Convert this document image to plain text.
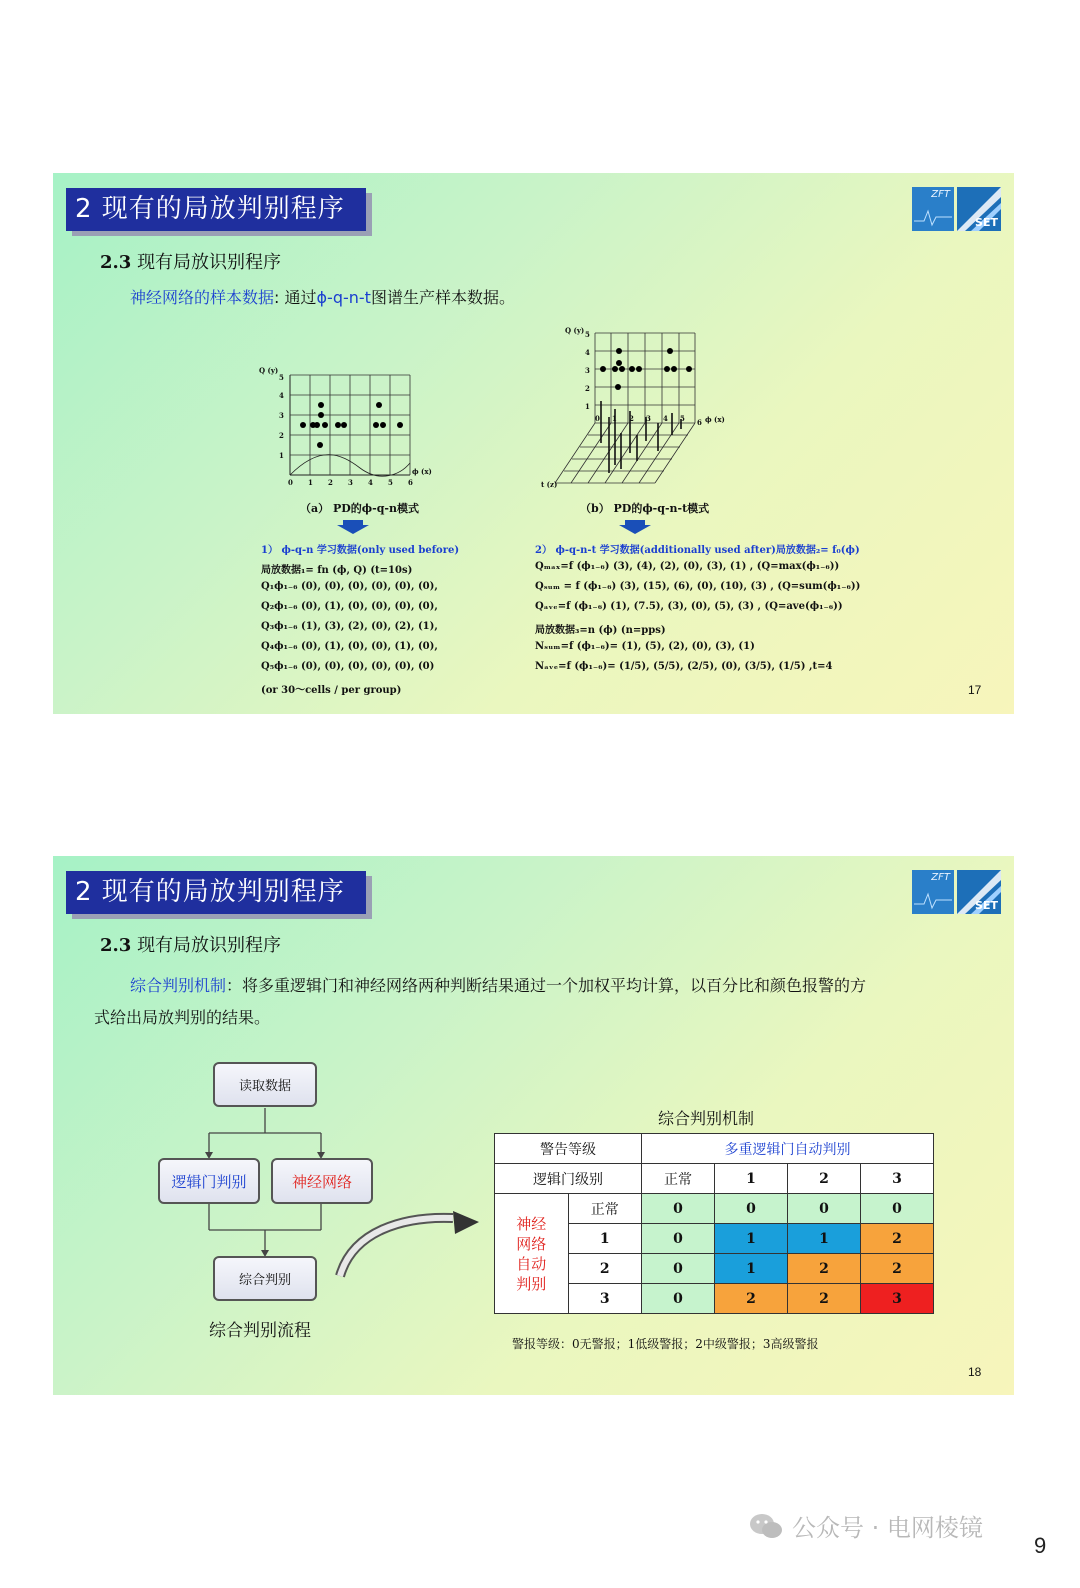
2 现有的局放判别程序	ZFT
SET
2.3 现有局放识别程序
神经网络的样本数据: 通过ϕ-q-n-t图谱生产样本数据。
Q (y)
ϕ (x)
1
2
3
4
5
0 1 2 3 4 5 6
（a） PD的ϕ-q-n模式
Q (y)
ϕ (x)
t (z)
1
2
3
4
5
0 1 2 3 4 5 6
（b） PD的ϕ-q-n-t模式
1） ϕ-q-n 学习数据(only used before)
局放数据₁= fn (ϕ, Q) (t=10s)
Q₁ϕ₁₋₆ (0), (0), (0), (0), (0), (0),
Q₂ϕ₁₋₆ (0), (1), (0), (0), (0), (0),
Q₃ϕ₁₋₆ (1), (3), (2), (0), (2), (1),
Q₄ϕ₁₋₆ (0), (1), (0), (0), (1), (0),
Q₅ϕ₁₋₆ (0), (0), (0), (0), (0), (0)
(or 30～cells / per group)
2） ϕ-q-n-t 学习数据(additionally used after)局放数据₂= f₀(ϕ)
Qₘₐₓ=f (ϕ₁₋₆) (3), (4), (2), (0), (3), (1) , (Q=max(ϕ₁₋₆))
Qₛᵤₘ = f (ϕ₁₋₆) (3), (15), (6), (0), (10), (3) , (Q=sum(ϕ₁₋₆))
Qₐᵥₑ=f (ϕ₁₋₆) (1), (7.5), (3), (0), (5), (3) , (Q=ave(ϕ₁₋₆))
局放数据₃=n (ϕ) (n=pps)
Nₛᵤₘ=f (ϕ₁₋₆)= (1), (5), (2), (0), (3), (1)
Nₐᵥₑ=f (ϕ₁₋₆)= (1/5), (5/5), (2/5), (0), (3/5), (1/5) ,t=4
17
2 现有的局放判别程序	ZFT
SET
2.3 现有局放识别程序
综合判别机制：将多重逻辑门和神经网络两种判断结果通过一个加权平均计算，以百分比和颜色报警的方
式给出局放判别的结果。
读取数据
逻辑门判别	神经网络
综合判别
综合判别流程
综合判别机制
警告等级		多重逻辑门自动判别			
逻辑门级别		正常	1	2	3

神经
网络
自动
判别	正常	0	0	0	0
	1	0	1	1	2
	2	0	1	2	2
	3	0	2	2	3
警报等级：0无警报；1低级警报；2中级警报；3高级警报
18
公众号 · 电网棱镜
9
